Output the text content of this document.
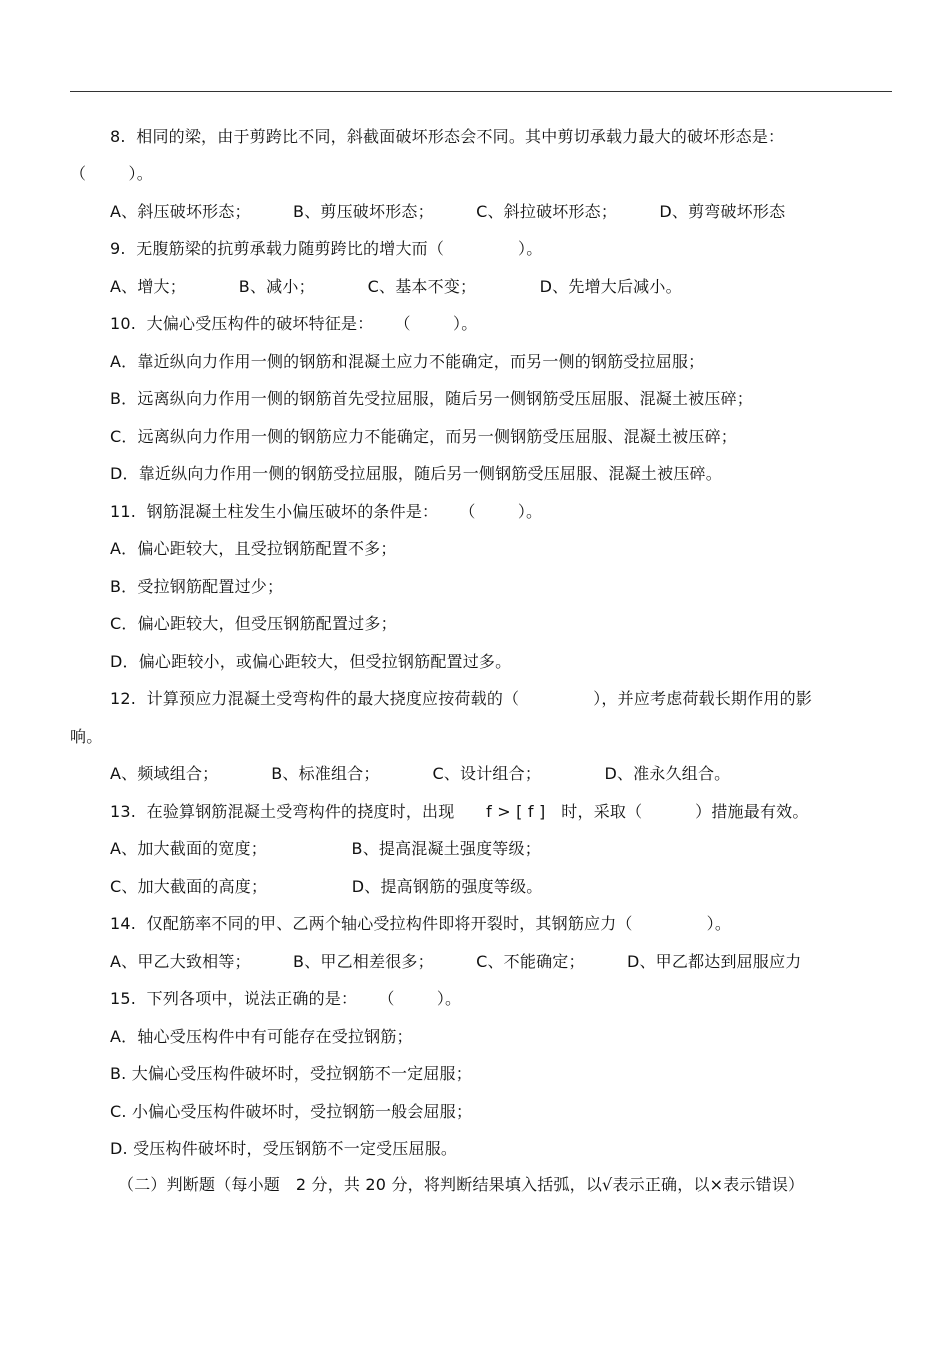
8.  相同的梁，由于剪跨比不同，斜截面破坏形态会不同。其中剪切承载力最大的破坏形态是：
（        ）。
A、斜压破坏形态；        B、剪压破坏形态；        C、斜拉破坏形态；        D、剪弯破坏形态
9.  无腹筋梁的抗剪承载力随剪跨比的增大而（              ）。
A、增大；          B、减小；          C、基本不变；            D、先增大后减小。
10.  大偏心受压构件的破坏特征是：    （        ）。
A．靠近纵向力作用一侧的钢筋和混凝土应力不能确定，而另一侧的钢筋受拉屈服；
B．远离纵向力作用一侧的钢筋首先受拉屈服，随后另一侧钢筋受压屈服、混凝土被压碎；
C．远离纵向力作用一侧的钢筋应力不能确定，而另一侧钢筋受压屈服、混凝土被压碎；
D．靠近纵向力作用一侧的钢筋受拉屈服，随后另一侧钢筋受压屈服、混凝土被压碎。
11.  钢筋混凝土柱发生小偏压破坏的条件是：    （        ）。
A．偏心距较大，且受拉钢筋配置不多；
B．受拉钢筋配置过少；
C．偏心距较大，但受压钢筋配置过多；
D．偏心距较小，或偏心距较大，但受拉钢筋配置过多。
12.  计算预应力混凝土受弯构件的最大挠度应按荷载的（              ），并应考虑荷载长期作用的影
响。
A、频域组合；          B、标准组合；          C、设计组合；            D、准永久组合。
13.  在验算钢筋混凝土受弯构件的挠度时，出现      f > [ f ]   时，采取（          ）措施最有效。
A、加大截面的宽度；                B、提高混凝土强度等级；
C、加大截面的高度；                D、提高钢筋的强度等级。
14.  仅配筋率不同的甲、乙两个轴心受拉构件即将开裂时，其钢筋应力（              ）。
A、甲乙大致相等；        B、甲乙相差很多；        C、不能确定；        D、甲乙都达到屈服应力
15.  下列各项中，说法正确的是：    （        ）。
A．轴心受压构件中有可能存在受拉钢筋；
B. 大偏心受压构件破坏时，受拉钢筋不一定屈服；
C. 小偏心受压构件破坏时，受拉钢筋一般会屈服；
D. 受压构件破坏时，受压钢筋不一定受压屈服。
（二）判断题（每小题   2 分，共 20 分，将判断结果填入括弧，以√表示正确，以×表示错误）
